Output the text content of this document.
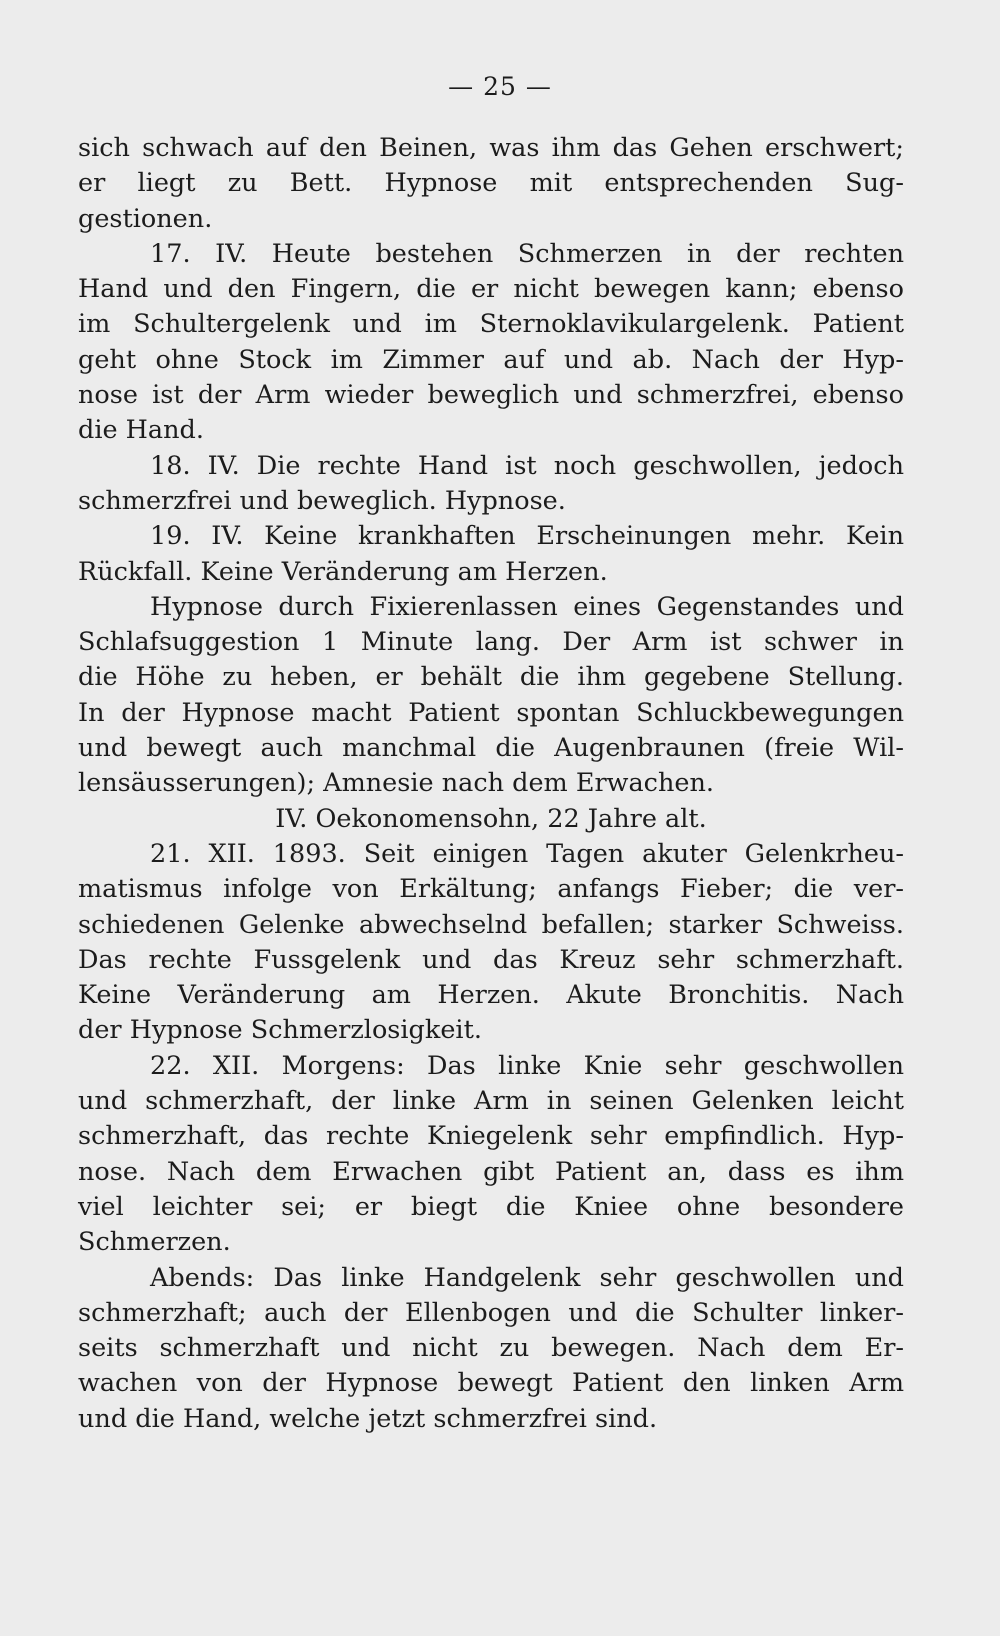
— 25 —
sich schwach auf den Beinen, was ihm das Gehen erschwert;
er liegt zu Bett. Hypnose mit entsprechenden Sug-
gestionen.
17. IV. Heute bestehen Schmerzen in der rechten
Hand und den Fingern, die er nicht bewegen kann; ebenso
im Schultergelenk und im Sternoklavikulargelenk. Patient
geht ohne Stock im Zimmer auf und ab. Nach der Hyp-
nose ist der Arm wieder beweglich und schmerzfrei, ebenso
die Hand.
18. IV. Die rechte Hand ist noch geschwollen, jedoch
schmerzfrei und beweglich. Hypnose.
19. IV. Keine krankhaften Erscheinungen mehr. Kein
Rückfall. Keine Veränderung am Herzen.
Hypnose durch Fixierenlassen eines Gegenstandes und
Schlafsuggestion 1 Minute lang. Der Arm ist schwer in
die Höhe zu heben, er behält die ihm gegebene Stellung.
In der Hypnose macht Patient spontan Schluckbewegungen
und bewegt auch manchmal die Augenbraunen (freie Wil-
lensäusserungen); Amnesie nach dem Erwachen.
IV. Oekonomensohn, 22 Jahre alt.
21. XII. 1893. Seit einigen Tagen akuter Gelenkrheu-
matismus infolge von Erkältung; anfangs Fieber; die ver-
schiedenen Gelenke abwechselnd befallen; starker Schweiss.
Das rechte Fussgelenk und das Kreuz sehr schmerzhaft.
Keine Veränderung am Herzen. Akute Bronchitis. Nach
der Hypnose Schmerzlosigkeit.
22. XII. Morgens: Das linke Knie sehr geschwollen
und schmerzhaft, der linke Arm in seinen Gelenken leicht
schmerzhaft, das rechte Kniegelenk sehr empfindlich. Hyp-
nose. Nach dem Erwachen gibt Patient an, dass es ihm
viel leichter sei; er biegt die Kniee ohne besondere
Schmerzen.
Abends: Das linke Handgelenk sehr geschwollen und
schmerzhaft; auch der Ellenbogen und die Schulter linker-
seits schmerzhaft und nicht zu bewegen. Nach dem Er-
wachen von der Hypnose bewegt Patient den linken Arm
und die Hand, welche jetzt schmerzfrei sind.
